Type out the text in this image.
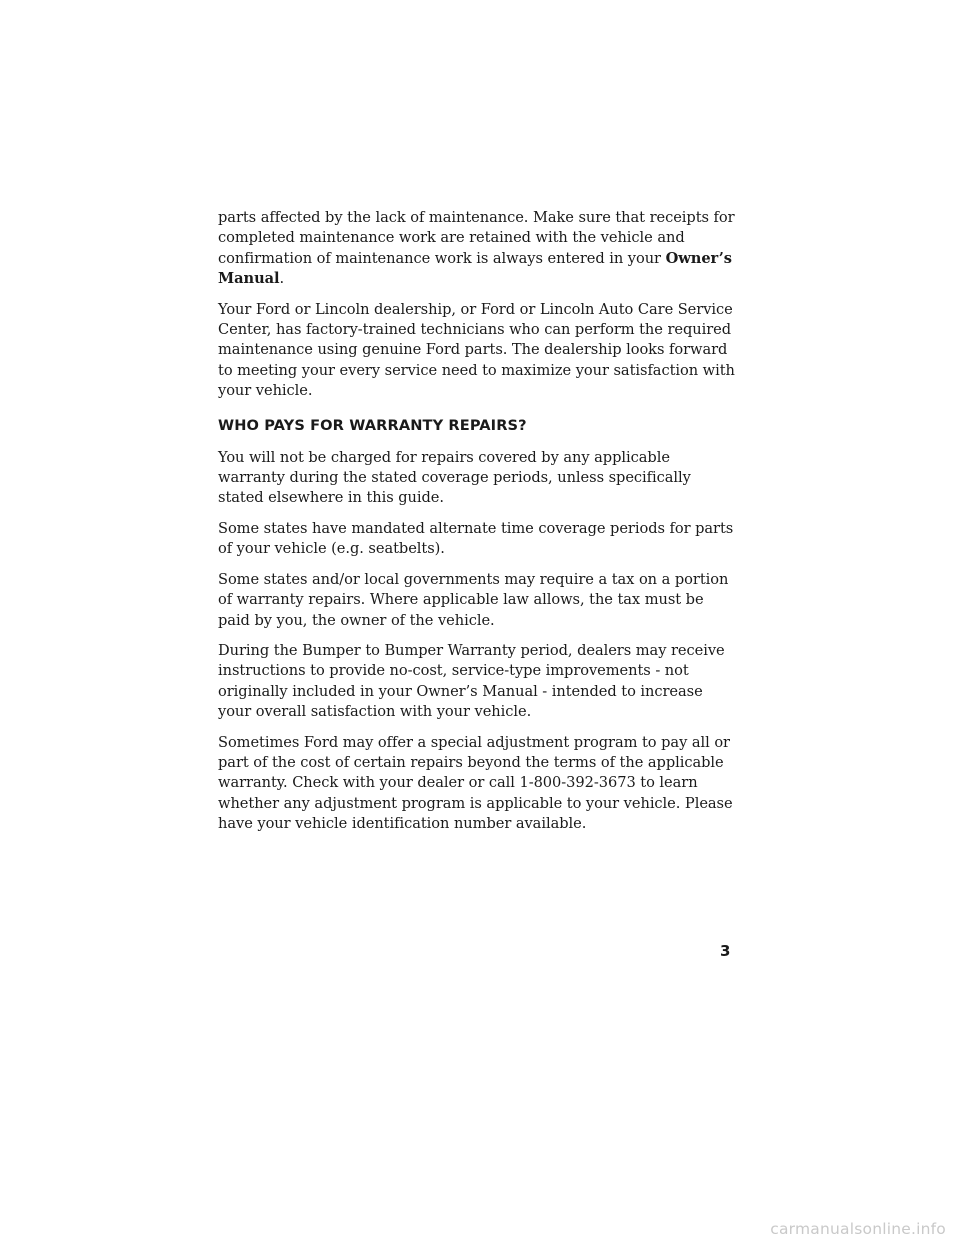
parts affected by the lack of maintenance. Make sure that receipts for completed maintenance work are retained with the vehicle and confirmation of maintenance work is always entered in your Owner’s Manual.

Your Ford or Lincoln dealership, or Ford or Lincoln Auto Care Service Center, has factory-trained technicians who can perform the required maintenance using genuine Ford parts. The dealership looks forward to meeting your every service need to maximize your satisfaction with your vehicle.

WHO PAYS FOR WARRANTY REPAIRS?

You will not be charged for repairs covered by any applicable warranty during the stated coverage periods, unless specifically stated elsewhere in this guide.

Some states have mandated alternate time coverage periods for parts of your vehicle (e.g. seatbelts).

Some states and/or local governments may require a tax on a portion of warranty repairs. Where applicable law allows, the tax must be paid by you, the owner of the vehicle.

During the Bumper to Bumper Warranty period, dealers may receive instructions to provide no-cost, service-type improvements - not originally included in your Owner’s Manual - intended to increase your overall satisfaction with your vehicle.

Sometimes Ford may offer a special adjustment program to pay all or part of the cost of certain repairs beyond the terms of the applicable warranty. Check with your dealer or call 1-800-392-3673 to learn whether any adjustment program is applicable to your vehicle. Please have your vehicle identification number available.

3
carmanualsonline.info
